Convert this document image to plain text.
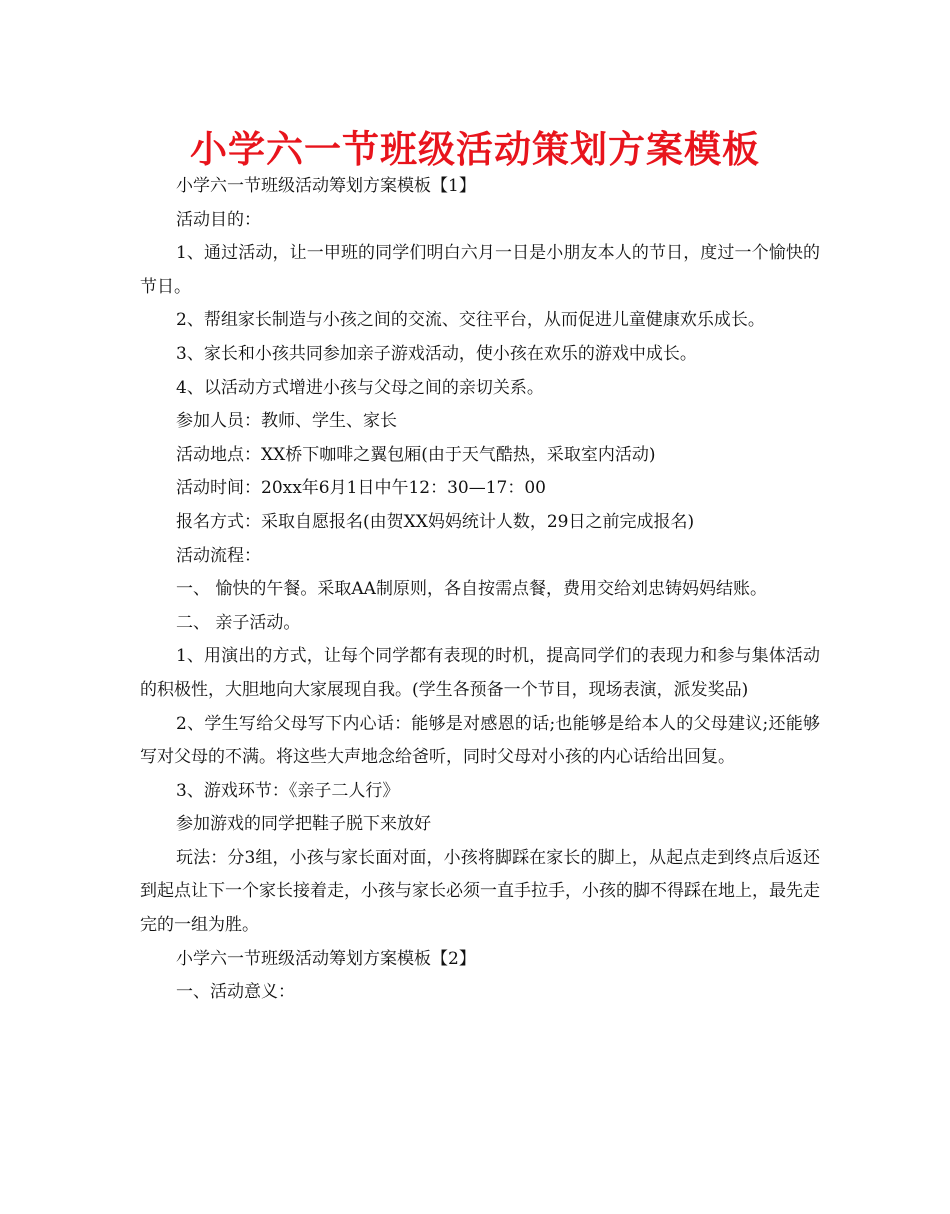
小学六一节班级活动策划方案模板

小学六一节班级活动筹划方案模板【1】

活动目的：

1、通过活动，让一甲班的同学们明白六月一日是小朋友本人的节日，度过一个愉快的节日。

2、帮组家长制造与小孩之间的交流、交往平台，从而促进儿童健康欢乐成长。

3、家长和小孩共同参加亲子游戏活动，使小孩在欢乐的游戏中成长。

4、以活动方式增进小孩与父母之间的亲切关系。

参加人员：教师、学生、家长

活动地点：XX桥下咖啡之翼包厢(由于天气酷热，采取室内活动)

活动时间：20xx年6月1日中午12：30—17：00

报名方式：采取自愿报名(由贺XX妈妈统计人数，29日之前完成报名)

活动流程：

一、 愉快的午餐。采取AA制原则，各自按需点餐，费用交给刘忠铸妈妈结账。

二、 亲子活动。

1、用演出的方式，让每个同学都有表现的时机，提高同学们的表现力和参与集体活动的积极性，大胆地向大家展现自我。(学生各预备一个节目，现场表演，派发奖品)

2、学生写给父母写下内心话：能够是对感恩的话;也能够是给本人的父母建议;还能够写对父母的不满。将这些大声地念给爸听，同时父母对小孩的内心话给出回复。

3、游戏环节：《亲子二人行》

参加游戏的同学把鞋子脱下来放好

玩法：分3组，小孩与家长面对面，小孩将脚踩在家长的脚上，从起点走到终点后返还到起点让下一个家长接着走，小孩与家长必须一直手拉手，小孩的脚不得踩在地上，最先走完的一组为胜。

小学六一节班级活动筹划方案模板【2】

一、活动意义：
